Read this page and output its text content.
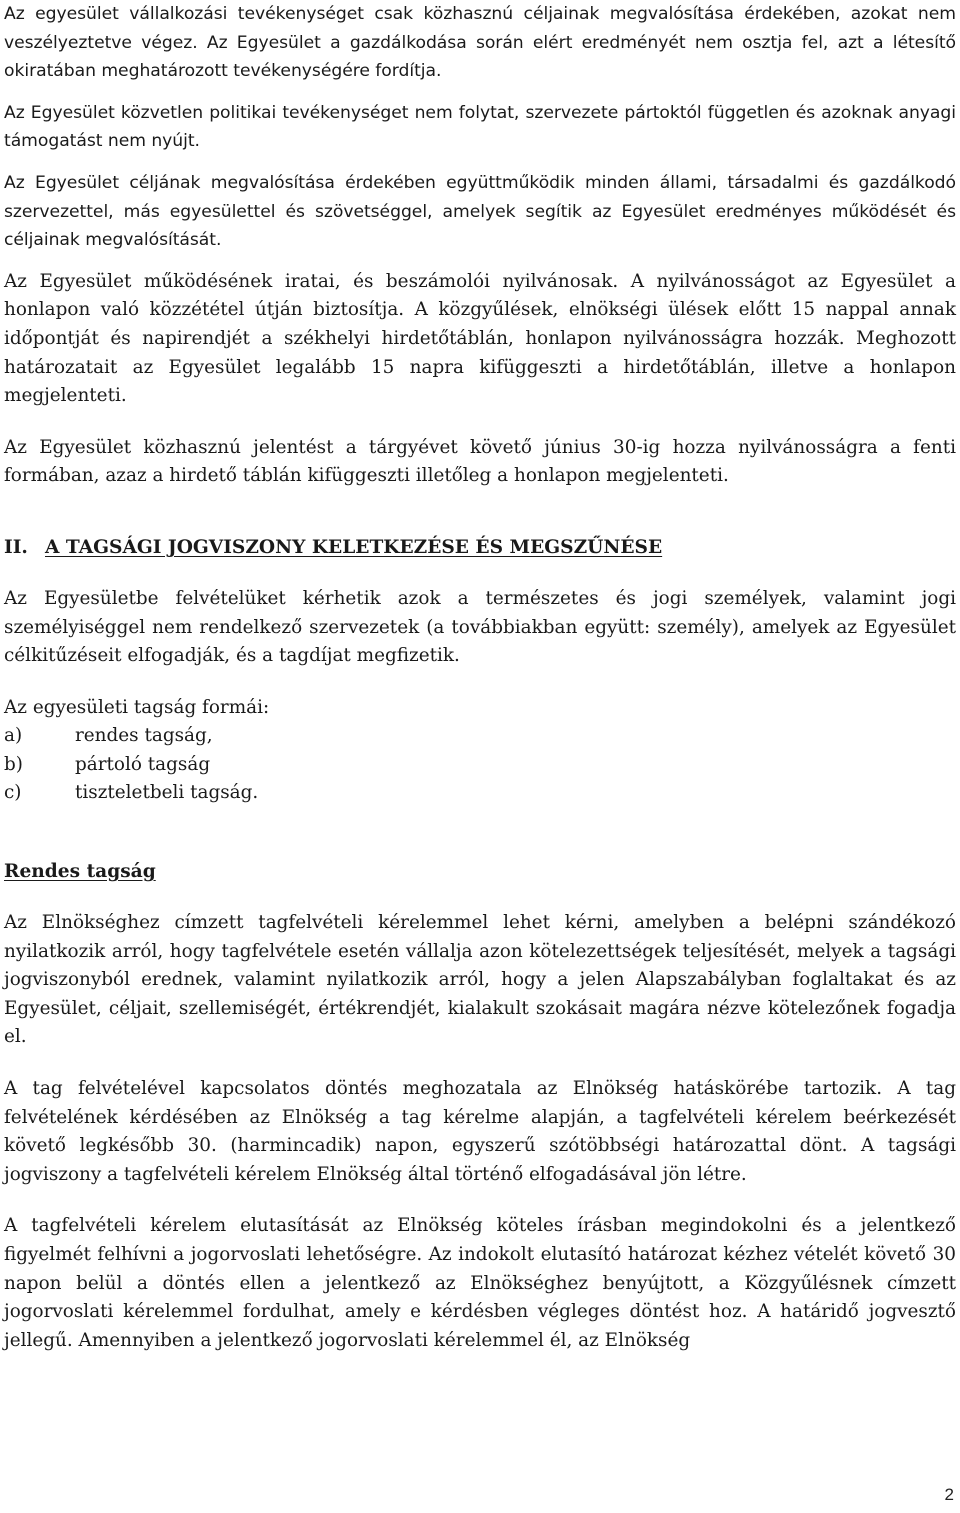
Az egyesület vállalkozási tevékenységet csak közhasznú céljainak megvalósítása érdekében, azokat nem veszélyeztetve végez. Az Egyesület a gazdálkodása során elért eredményét nem osztja fel, azt a létesítő okiratában meghatározott tevékenységére fordítja.

Az Egyesület közvetlen politikai tevékenységet nem folytat, szervezete pártoktól független és azoknak anyagi támogatást nem nyújt.

Az Egyesület céljának megvalósítása érdekében együttműködik minden állami, társadalmi és gazdálkodó szervezettel, más egyesülettel és szövetséggel, amelyek segítik az Egyesület eredményes működését és céljainak megvalósítását.

Az Egyesület működésének iratai, és beszámolói nyilvánosak. A nyilvánosságot az Egyesület a honlapon való közzététel útján biztosítja. A közgyűlések, elnökségi ülések előtt 15 nappal annak időpontját és napirendjét a székhelyi hirdetőtáblán, honlapon nyilvánosságra hozzák. Meghozott határozatait az Egyesület legalább 15 napra kifüggeszti a hirdetőtáblán, illetve a honlapon megjelenteti.

Az Egyesület közhasznú jelentést a tárgyévet követő június 30-ig hozza nyilvánosságra a fenti formában, azaz a hirdető táblán kifüggeszti illetőleg a honlapon megjelenteti.

II. A TAGSÁGI JOGVISZONY KELETKEZÉSE ÉS MEGSZŰNÉSE

Az Egyesületbe felvételüket kérhetik azok a természetes és jogi személyek, valamint jogi személyiséggel nem rendelkező szervezetek (a továbbiakban együtt: személy), amelyek az Egyesület célkitűzéseit elfogadják, és a tagdíjat megfizetik.

Az egyesületi tagság formái:

a)	rendes tagság,
b)	pártoló tagság
c)	tiszteletbeli tagság.
Rendes tagság

Az Elnökséghez címzett tagfelvételi kérelemmel lehet kérni, amelyben a belépni szándékozó nyilatkozik arról, hogy tagfelvétele esetén vállalja azon kötelezettségek teljesítését, melyek a tagsági jogviszonyból erednek, valamint nyilatkozik arról, hogy a jelen Alapszabályban foglaltakat és az Egyesület, céljait, szellemiségét, értékrendjét, kialakult szokásait magára nézve kötelezőnek fogadja el.

A tag felvételével kapcsolatos döntés meghozatala az Elnökség hatáskörébe tartozik. A tag felvételének kérdésében az Elnökség a tag kérelme alapján, a tagfelvételi kérelem beérkezését követő legkésőbb 30. (harmincadik) napon, egyszerű szótöbbségi határozattal dönt. A tagsági jogviszony a tagfelvételi kérelem Elnökség által történő elfogadásával jön létre.

A tagfelvételi kérelem elutasítását az Elnökség köteles írásban megindokolni és a jelentkező figyelmét felhívni a jogorvoslati lehetőségre. Az indokolt elutasító határozat kézhez vételét követő 30 napon belül a döntés ellen a jelentkező az Elnökséghez benyújtott, a Közgyűlésnek címzett jogorvoslati kérelemmel fordulhat, amely e kérdésben végleges döntést hoz. A határidő jogvesztő jellegű. Amennyiben a jelentkező jogorvoslati kérelemmel él, az Elnökség

2
